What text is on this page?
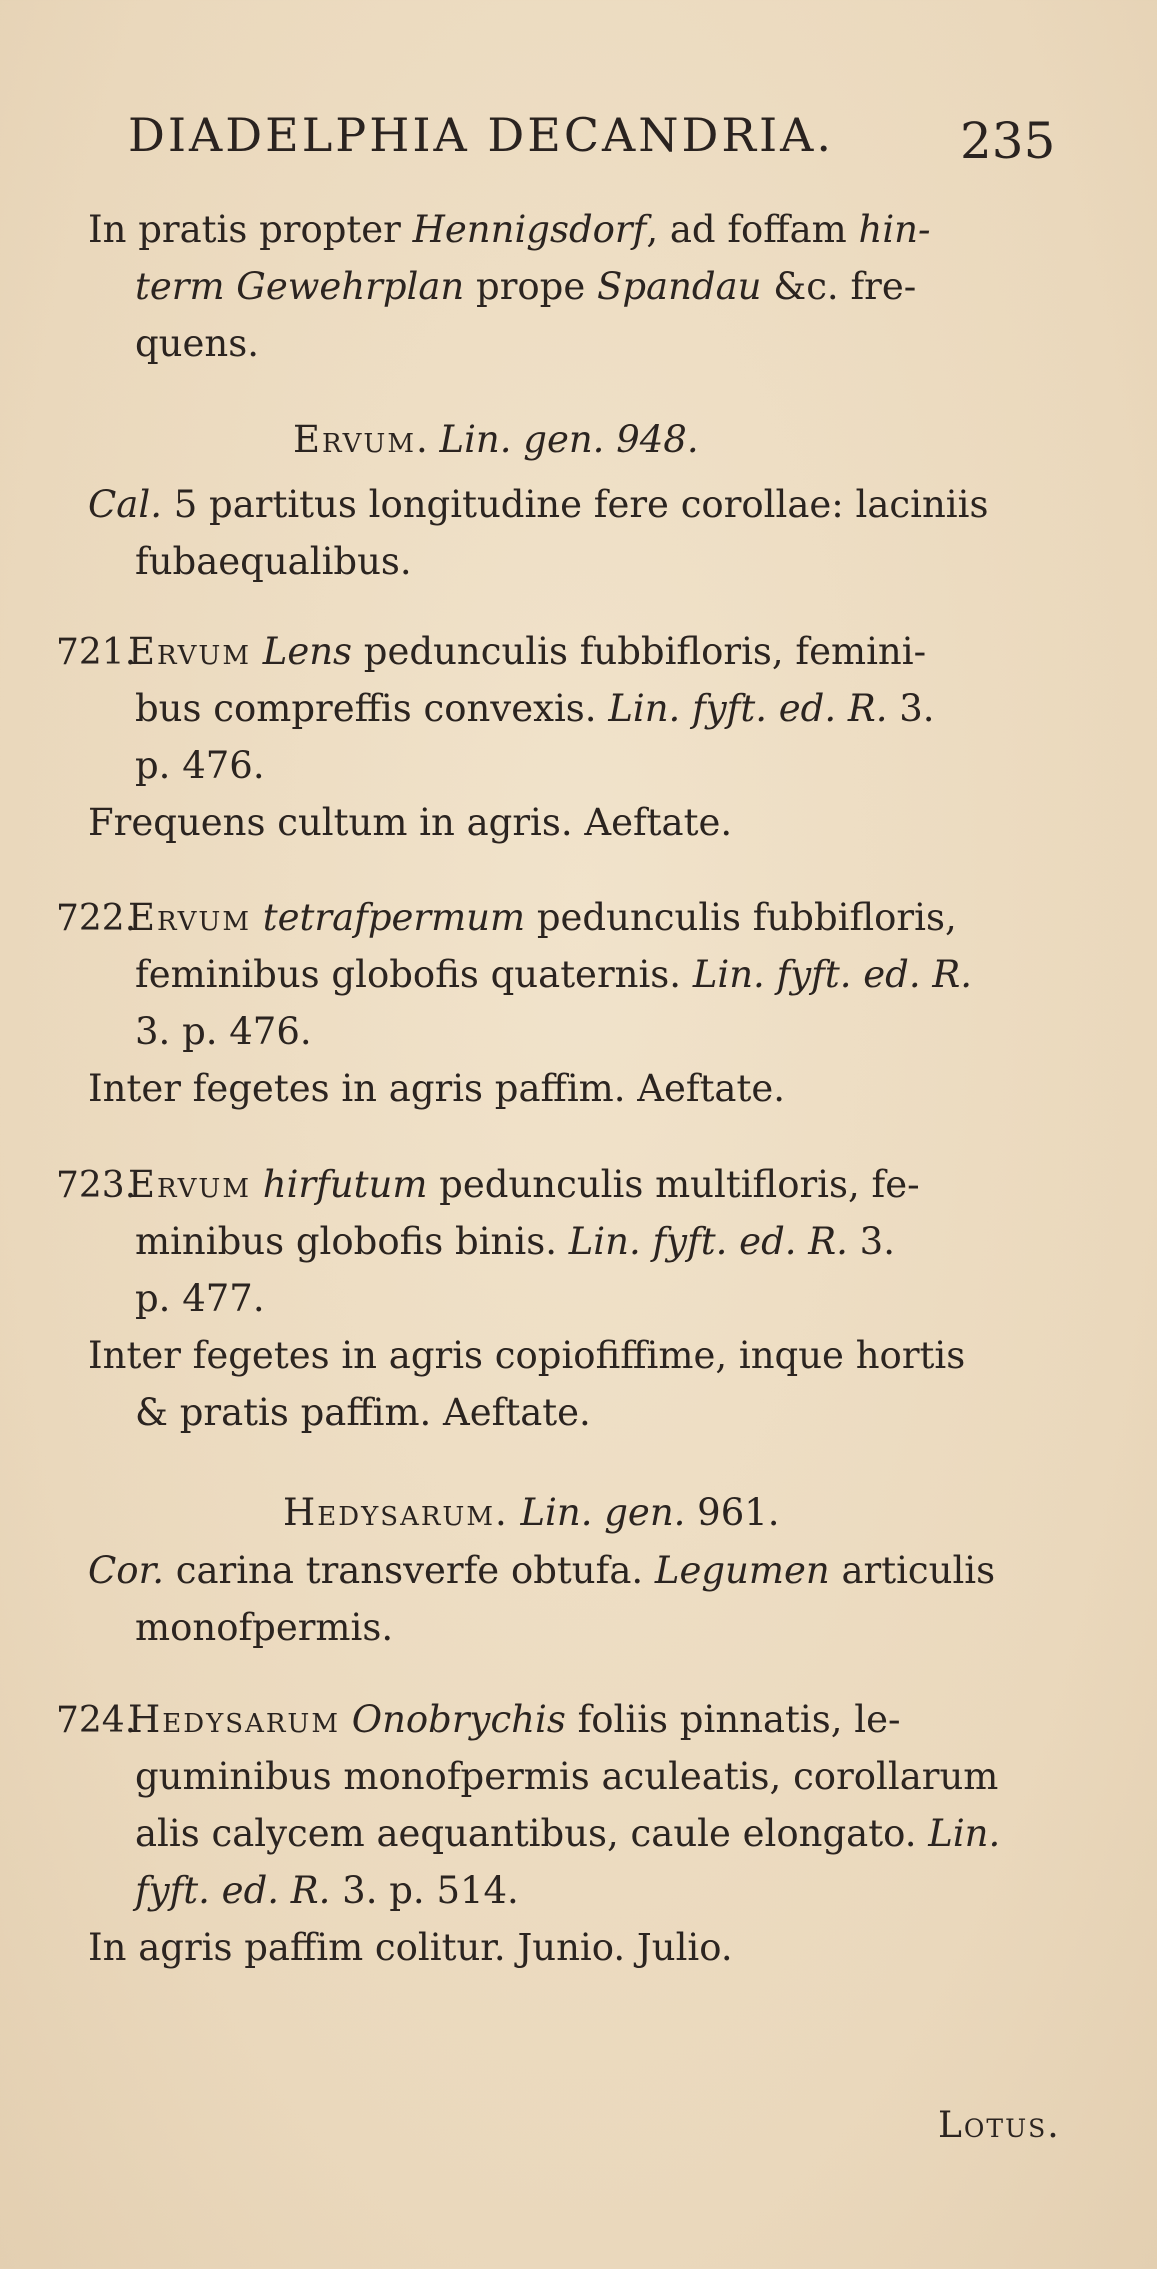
DIADELPHIA DECANDRIA.	235
In pratis propter Hennigsdorf, ad foffam hin-
term Gewehrplan prope Spandau &c. fre-
quens.
Ervum. Lin. gen. 948.
Cal. 5 partitus longitudine fere corollae: laciniis
fubaequalibus.
721.Ervum Lens pedunculis fubbifloris, femini-
bus compreffis convexis. Lin. fyft. ed. R. 3.
p. 476.
Frequens cultum in agris. Aeftate.
722.Ervum tetrafpermum pedunculis fubbifloris,
feminibus globofis quaternis. Lin. fyft. ed. R.
3. p. 476.
Inter fegetes in agris paffim. Aeftate.
723.Ervum hirfutum pedunculis multifloris, fe-
minibus globofis binis. Lin. fyft. ed. R. 3.
p. 477.
Inter fegetes in agris copiofiffime, inque hortis
& pratis paffim. Aeftate.
Hedysarum. Lin. gen. 961.
Cor. carina transverfe obtufa. Legumen articulis
monofpermis.
724.Hedysarum Onobrychis foliis pinnatis, le-
guminibus monofpermis aculeatis, corollarum
alis calycem aequantibus, caule elongato. Lin.
fyft. ed. R. 3. p. 514.
In agris paffim colitur. Junio. Julio.
Lotus.
